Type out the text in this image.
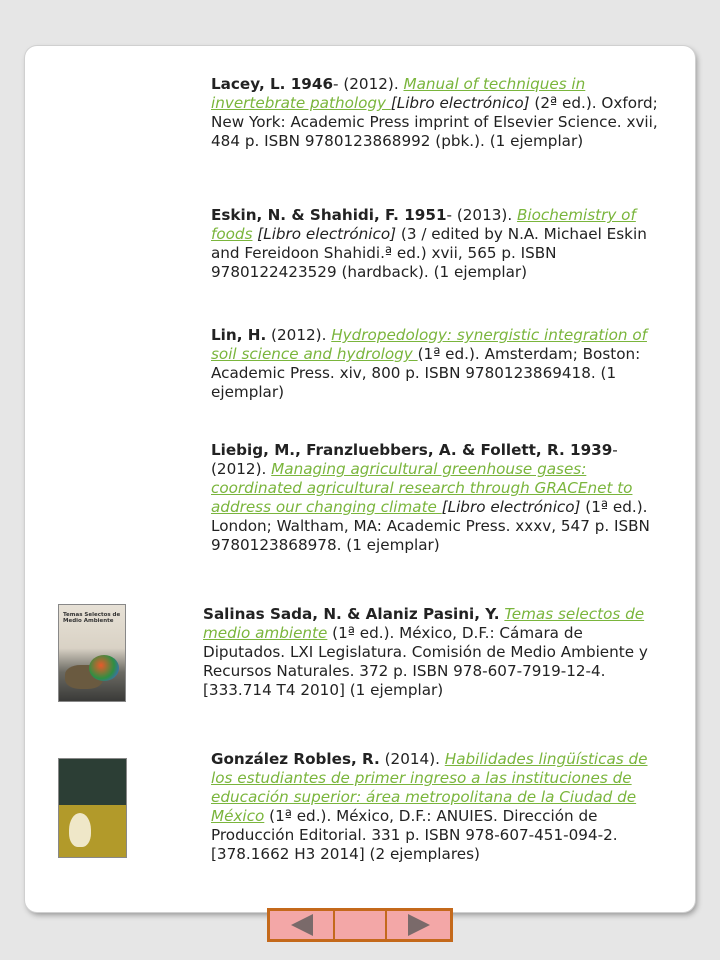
Lacey, L. 1946- (2012). Manual of techniques in invertebrate pathology [Libro electrónico] (2ª ed.). Oxford; New York: Academic Press imprint of Elsevier Science. xvii, 484 p. ISBN 9780123868992 (pbk.). (1 ejemplar)
Eskin, N. & Shahidi, F. 1951- (2013). Biochemistry of foods [Libro electrónico] (3 / edited by N.A. Michael Eskin and Fereidoon Shahidi.ª ed.) xvii, 565 p. ISBN 9780122423529 (hardback). (1 ejemplar)
Lin, H. (2012). Hydropedology: synergistic integration of soil science and hydrology (1ª ed.). Amsterdam; Boston: Academic Press. xiv, 800 p. ISBN 9780123869418. (1 ejemplar)
Liebig, M., Franzluebbers, A. & Follett, R. 1939- (2012). Managing agricultural greenhouse gases: coordinated agricultural research through GRACEnet to address our changing climate [Libro electrónico] (1ª ed.). London; Waltham, MA: Academic Press. xxxv, 547 p. ISBN 9780123868978. (1 ejemplar)
Temas Selectos de Medio Ambiente	Salinas Sada, N. & Alaniz Pasini, Y. Temas selectos de medio ambiente (1ª ed.). México, D.F.: Cámara de Diputados. LXI Legislatura. Comisión de Medio Ambiente y Recursos Naturales. 372 p. ISBN 978-607-7919-12-4. [333.714 T4 2010] (1 ejemplar)
González Robles, R. (2014). Habilidades lingüísticas de los estudiantes de primer ingreso a las instituciones de educación superior: área metropolitana de la Ciudad de México (1ª ed.). México, D.F.: ANUIES. Dirección de Producción Editorial. 331 p. ISBN 978-607-451-094-2. [378.1662 H3 2014] (2 ejemplares)
